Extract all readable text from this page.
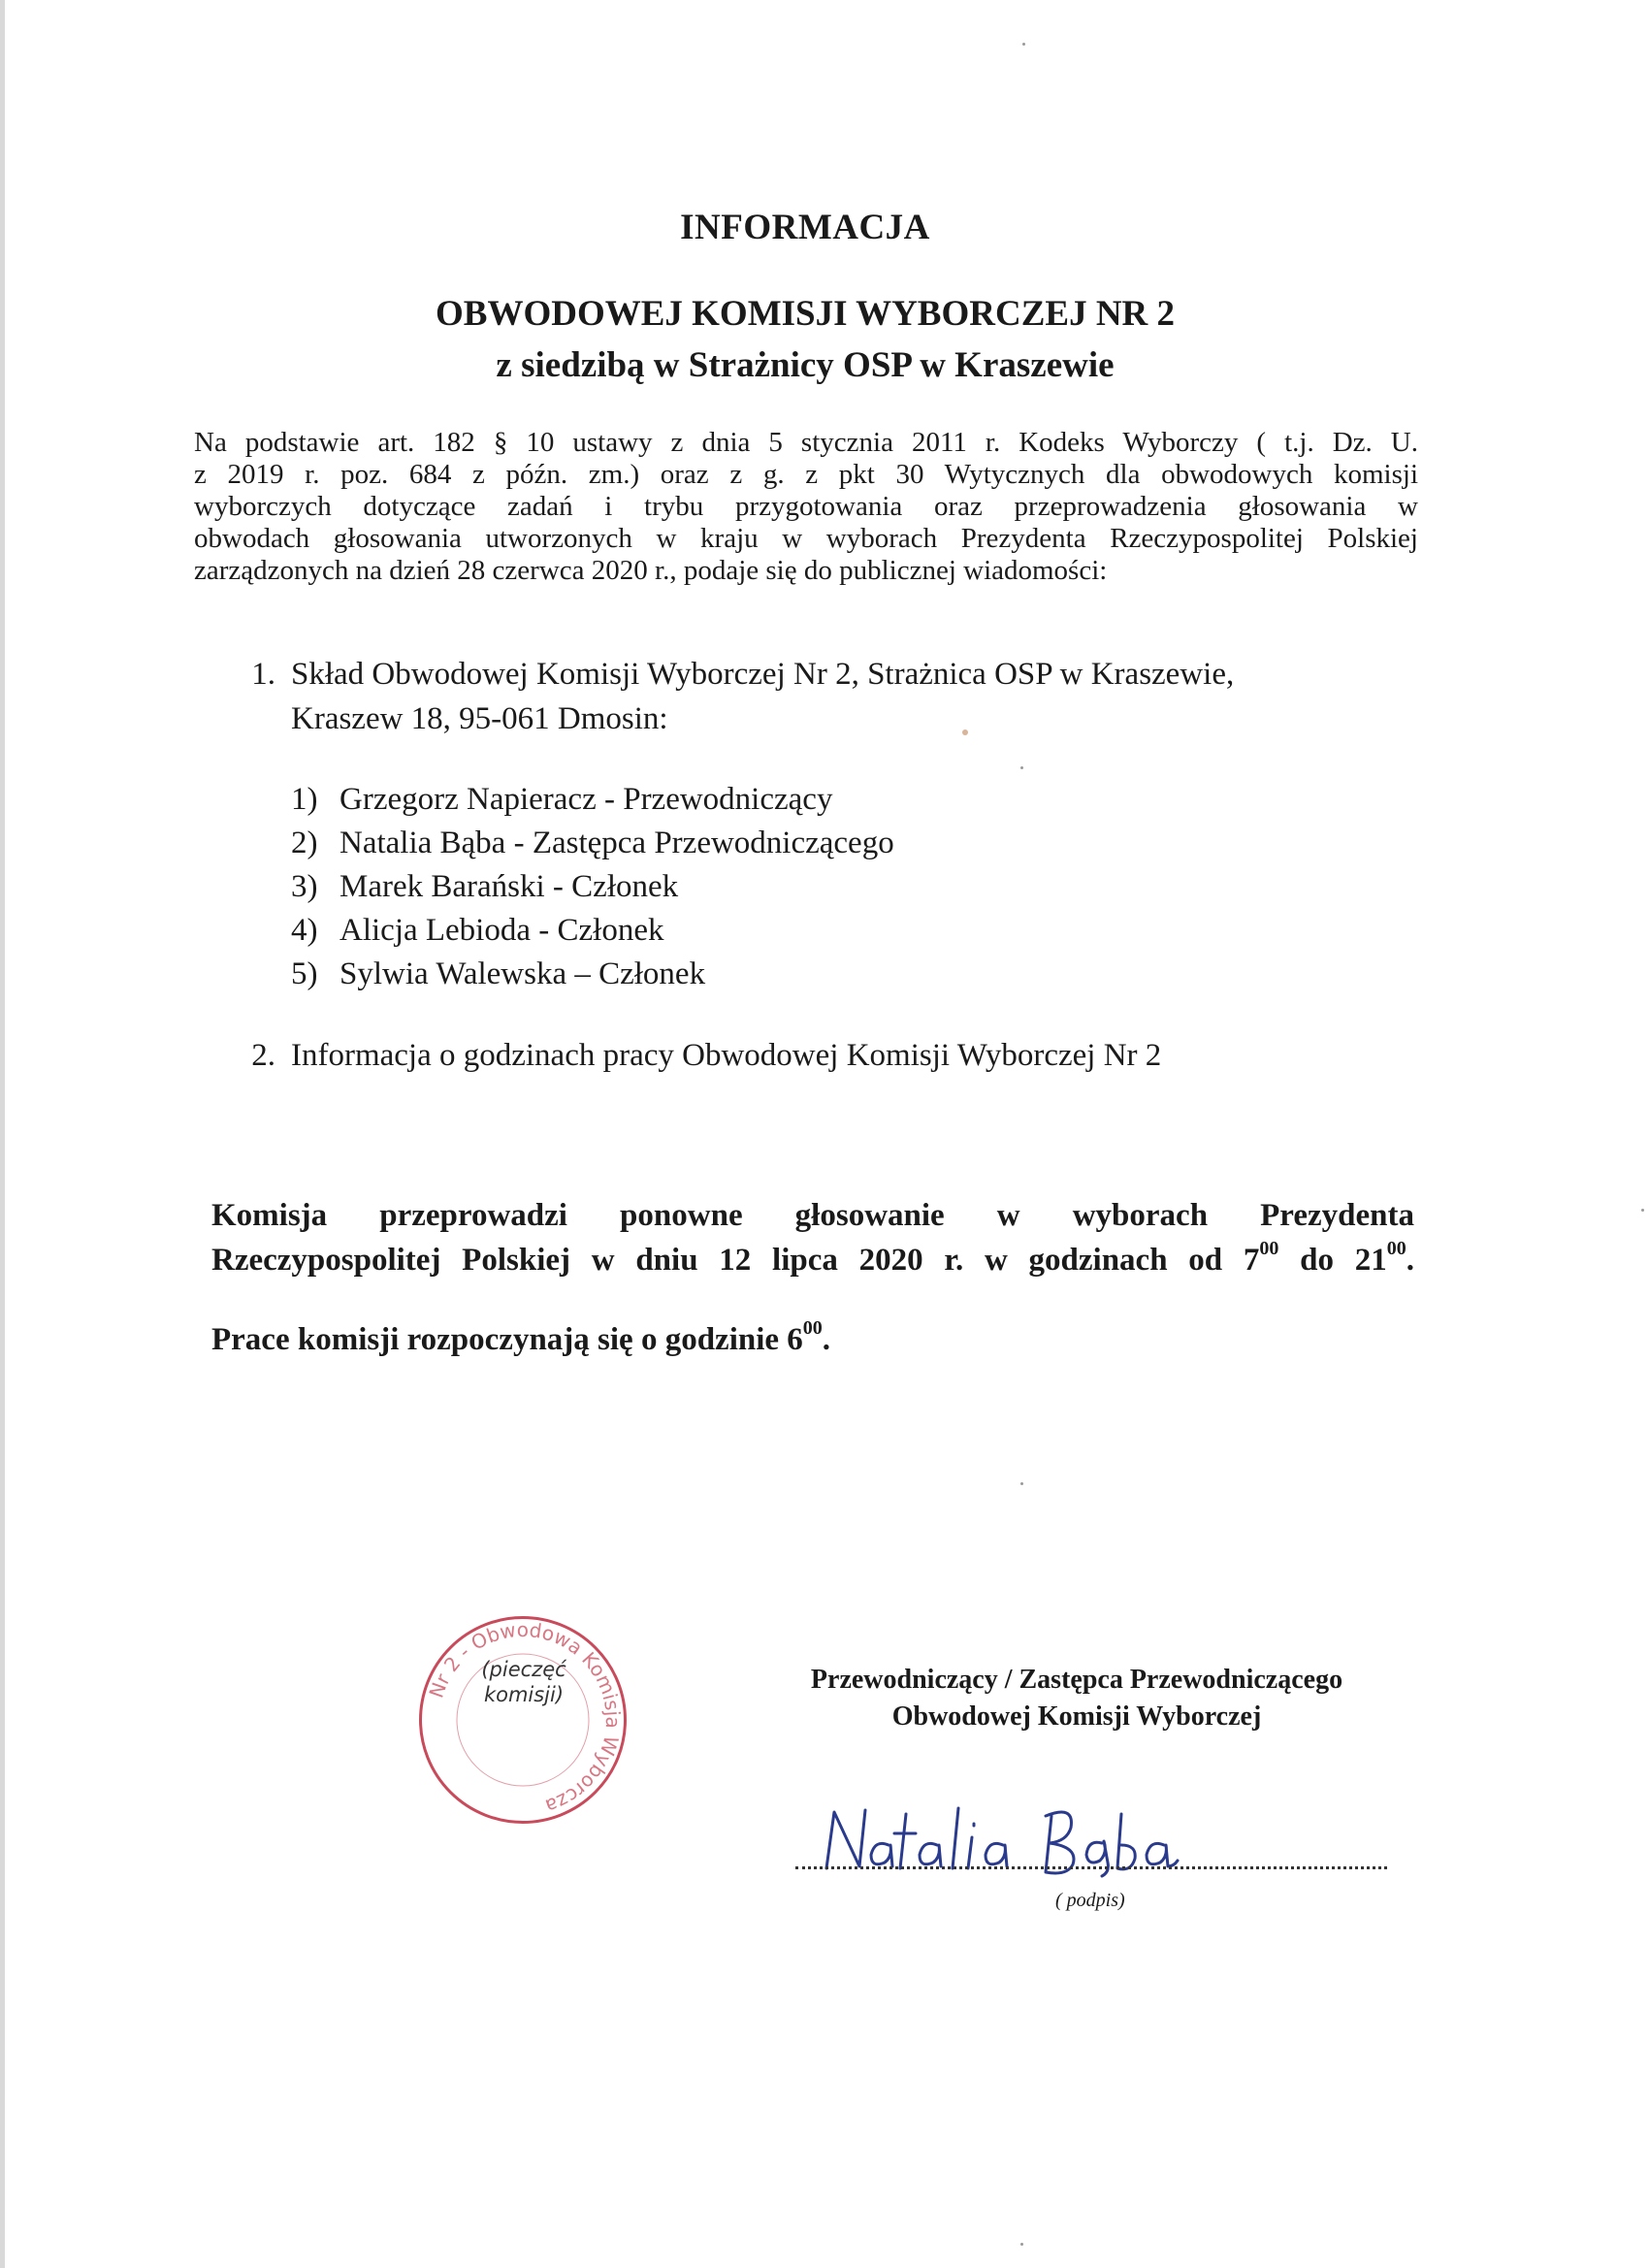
INFORMACJA
OBWODOWEJ KOMISJI WYBORCZEJ NR 2
z siedzibą w Strażnicy OSP w Kraszewie

Na podstawie art. 182 § 10 ustawy z dnia 5 stycznia 2011 r. Kodeks Wyborczy ( t.j. Dz. U.
z 2019 r. poz. 684 z późn. zm.) oraz z g. z pkt 30 Wytycznych dla obwodowych komisji
wyborczych dotyczące zadań i trybu przygotowania oraz przeprowadzenia głosowania w
obwodach głosowania utworzonych w kraju w wyborach Prezydenta Rzeczypospolitej Polskiej
zarządzonych na dzień 28 czerwca 2020 r., podaje się do publicznej wiadomości:

1. Skład Obwodowej Komisji Wyborczej Nr 2, Strażnica OSP w Kraszewie,
Kraszew 18, 95-061 Dmosin:
1) Grzegorz Napieracz - Przewodniczący
2) Natalia Bąba - Zastępca Przewodniczącego
3) Marek Barański - Członek
4) Alicja Lebioda - Członek
5) Sylwia Walewska – Członek
2. Informacja o godzinach pracy Obwodowej Komisji Wyborczej Nr 2

Komisja przeprowadzi ponowne głosowanie w wyborach Prezydenta
Rzeczypospolitej Polskiej w dniu 12 lipca 2020 r. w godzinach od $7^{00}$ do $21^{00}$.

Prace komisji rozpoczynają się o godzinie $6^{00}$.

Nr 2 - Obwodowa Komisja Wyborcza
(pieczęć
komisji)	Przewodniczący / Zastępca Przewodniczącego

Obwodowej Komisji Wyborczej

( podpis)
